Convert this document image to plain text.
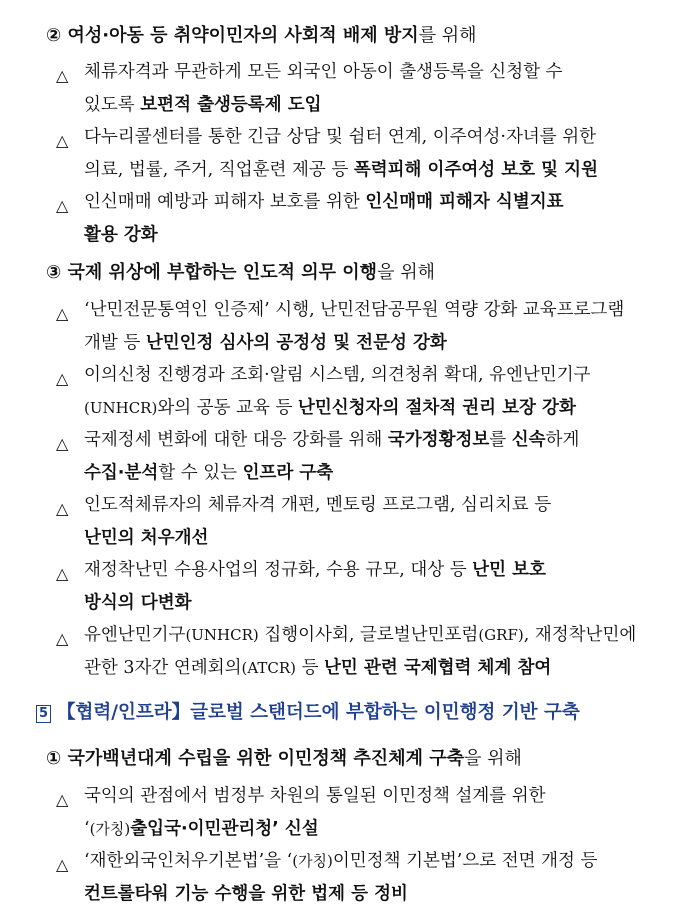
② 여성·아동 등 취약이민자의 사회적 배제 방지를 위해
△ 체류자격과 무관하게 모든 외국인 아동이 출생등록을 신청할 수
있도록 보편적 출생등록제 도입
△ 다누리콜센터를 통한 긴급 상담 및 쉼터 연계, 이주여성·자녀를 위한
의료, 법률, 주거, 직업훈련 제공 등 폭력피해 이주여성 보호 및 지원
△ 인신매매 예방과 피해자 보호를 위한 인신매매 피해자 식별지표
활용 강화
③ 국제 위상에 부합하는 인도적 의무 이행을 위해
△ ‘난민전문통역인 인증제’ 시행, 난민전담공무원 역량 강화 교육프로그램
개발 등 난민인정 심사의 공정성 및 전문성 강화
△ 이의신청 진행경과 조회·알림 시스템, 의견청취 확대, 유엔난민기구
(UNHCR)와의 공동 교육 등 난민신청자의 절차적 권리 보장 강화
△ 국제정세 변화에 대한 대응 강화를 위해 국가정황정보를 신속하게
수집·분석할 수 있는 인프라 구축
△ 인도적체류자의 체류자격 개편, 멘토링 프로그램, 심리치료 등
난민의 처우개선
△ 재정착난민 수용사업의 정규화, 수용 규모, 대상 등 난민 보호
방식의 다변화
△ 유엔난민기구(UNHCR) 집행이사회, 글로벌난민포럼(GRF), 재정착난민에
관한 3자간 연례회의(ATCR) 등 난민 관련 국제협력 체계 참여
5 【협력/인프라】글로벌 스탠더드에 부합하는 이민행정 기반 구축
① 국가백년대계 수립을 위한 이민정책 추진체계 구축을 위해
△ 국익의 관점에서 범정부 차원의 통일된 이민정책 설계를 위한
‘(가칭)출입국·이민관리청’ 신설
△ ‘재한외국인처우기본법’을 ‘(가칭)이민정책 기본법’으로 전면 개정 등
컨트롤타워 기능 수행을 위한 법제 등 정비
